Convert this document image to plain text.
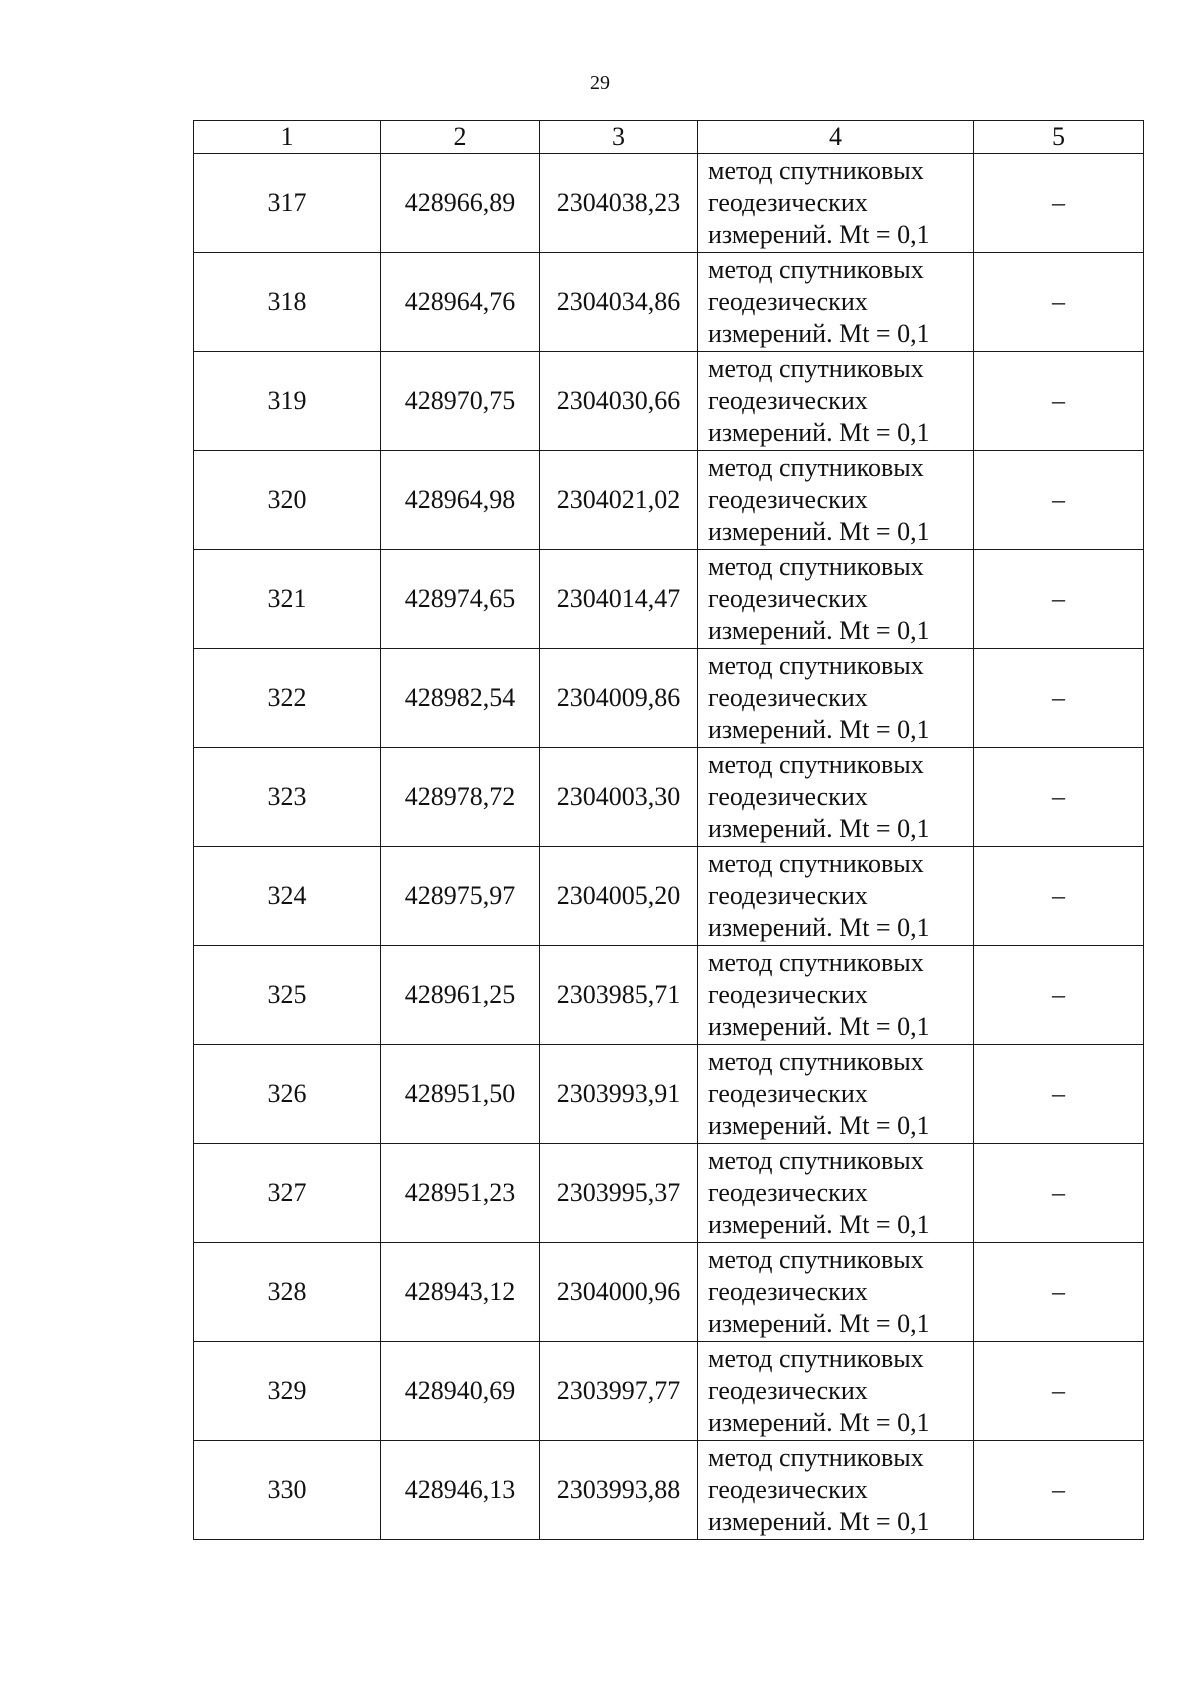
29
1	2	3	4	5
317	428966,89	2304038,23	метод спутниковых
геодезических
измерений. Mt = 0,1	–
318	428964,76	2304034,86	метод спутниковых
геодезических
измерений. Mt = 0,1	–
319	428970,75	2304030,66	метод спутниковых
геодезических
измерений. Mt = 0,1	–
320	428964,98	2304021,02	метод спутниковых
геодезических
измерений. Mt = 0,1	–
321	428974,65	2304014,47	метод спутниковых
геодезических
измерений. Mt = 0,1	–
322	428982,54	2304009,86	метод спутниковых
геодезических
измерений. Mt = 0,1	–
323	428978,72	2304003,30	метод спутниковых
геодезических
измерений. Mt = 0,1	–
324	428975,97	2304005,20	метод спутниковых
геодезических
измерений. Mt = 0,1	–
325	428961,25	2303985,71	метод спутниковых
геодезических
измерений. Mt = 0,1	–
326	428951,50	2303993,91	метод спутниковых
геодезических
измерений. Mt = 0,1	–
327	428951,23	2303995,37	метод спутниковых
геодезических
измерений. Mt = 0,1	–
328	428943,12	2304000,96	метод спутниковых
геодезических
измерений. Mt = 0,1	–
329	428940,69	2303997,77	метод спутниковых
геодезических
измерений. Mt = 0,1	–
330	428946,13	2303993,88	метод спутниковых
геодезических
измерений. Mt = 0,1	–
